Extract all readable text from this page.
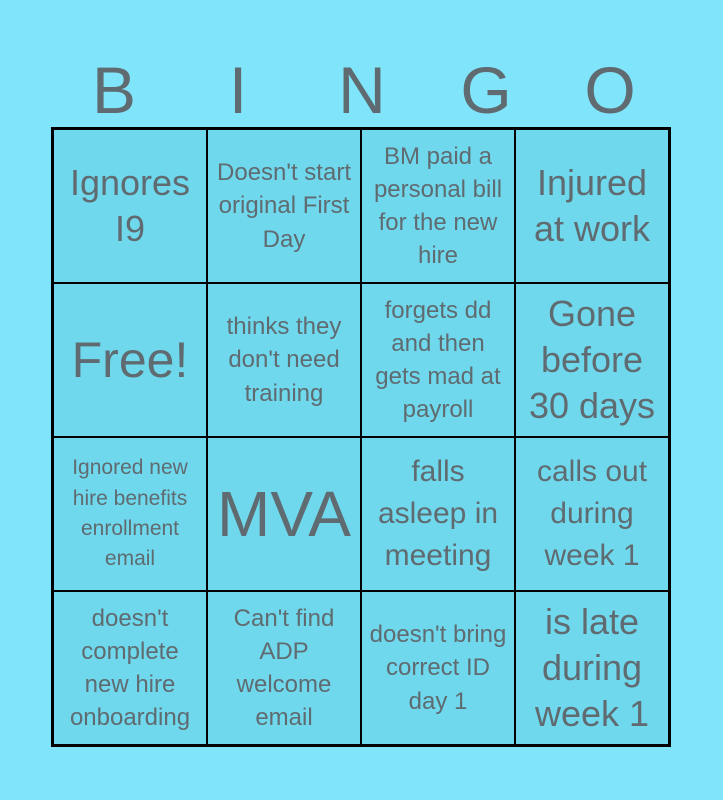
B	I	N	G	O
Ignores I9
Doesn't start original First Day
BM paid a personal bill for the new hire
Injured at work
Free!
thinks they don't need training
forgets dd and then gets mad at payroll
Gone before 30 days
Ignored new hire benefits enrollment email
MVA
falls asleep in meeting
calls out during week 1
doesn't complete new hire onboarding
Can't find ADP welcome email
doesn't bring correct ID day 1
is late during week 1
